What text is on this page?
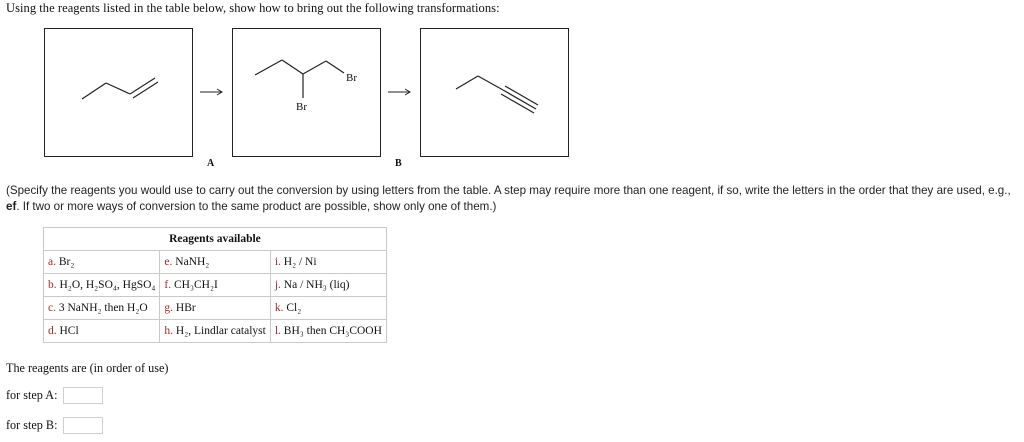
Using the reagents listed in the table below, show how to bring out the following transformations:
A
Br
Br
B
(Specify the reagents you would use to carry out the conversion by using letters from the table. A step may require more than one reagent, if so, write the letters in the order that they are used, e.g., ef. If two or more ways of conversion to the same product are possible, show only one of them.)
Reagents available		
a. Br₂	e. NaNH₂	i. H₂ / Ni
b. H₂O, H₂SO₄, HgSO₄	f. CH₃CH₂I	j. Na / NH₃ (liq)
c. 3 NaNH₂ then H₂O	g. HBr	k. Cl₂
d. HCl	h. H₂, Lindlar catalyst	l. BH₃ then CH₃COOH
The reagents are (in order of use)
for step A:
for step B:
